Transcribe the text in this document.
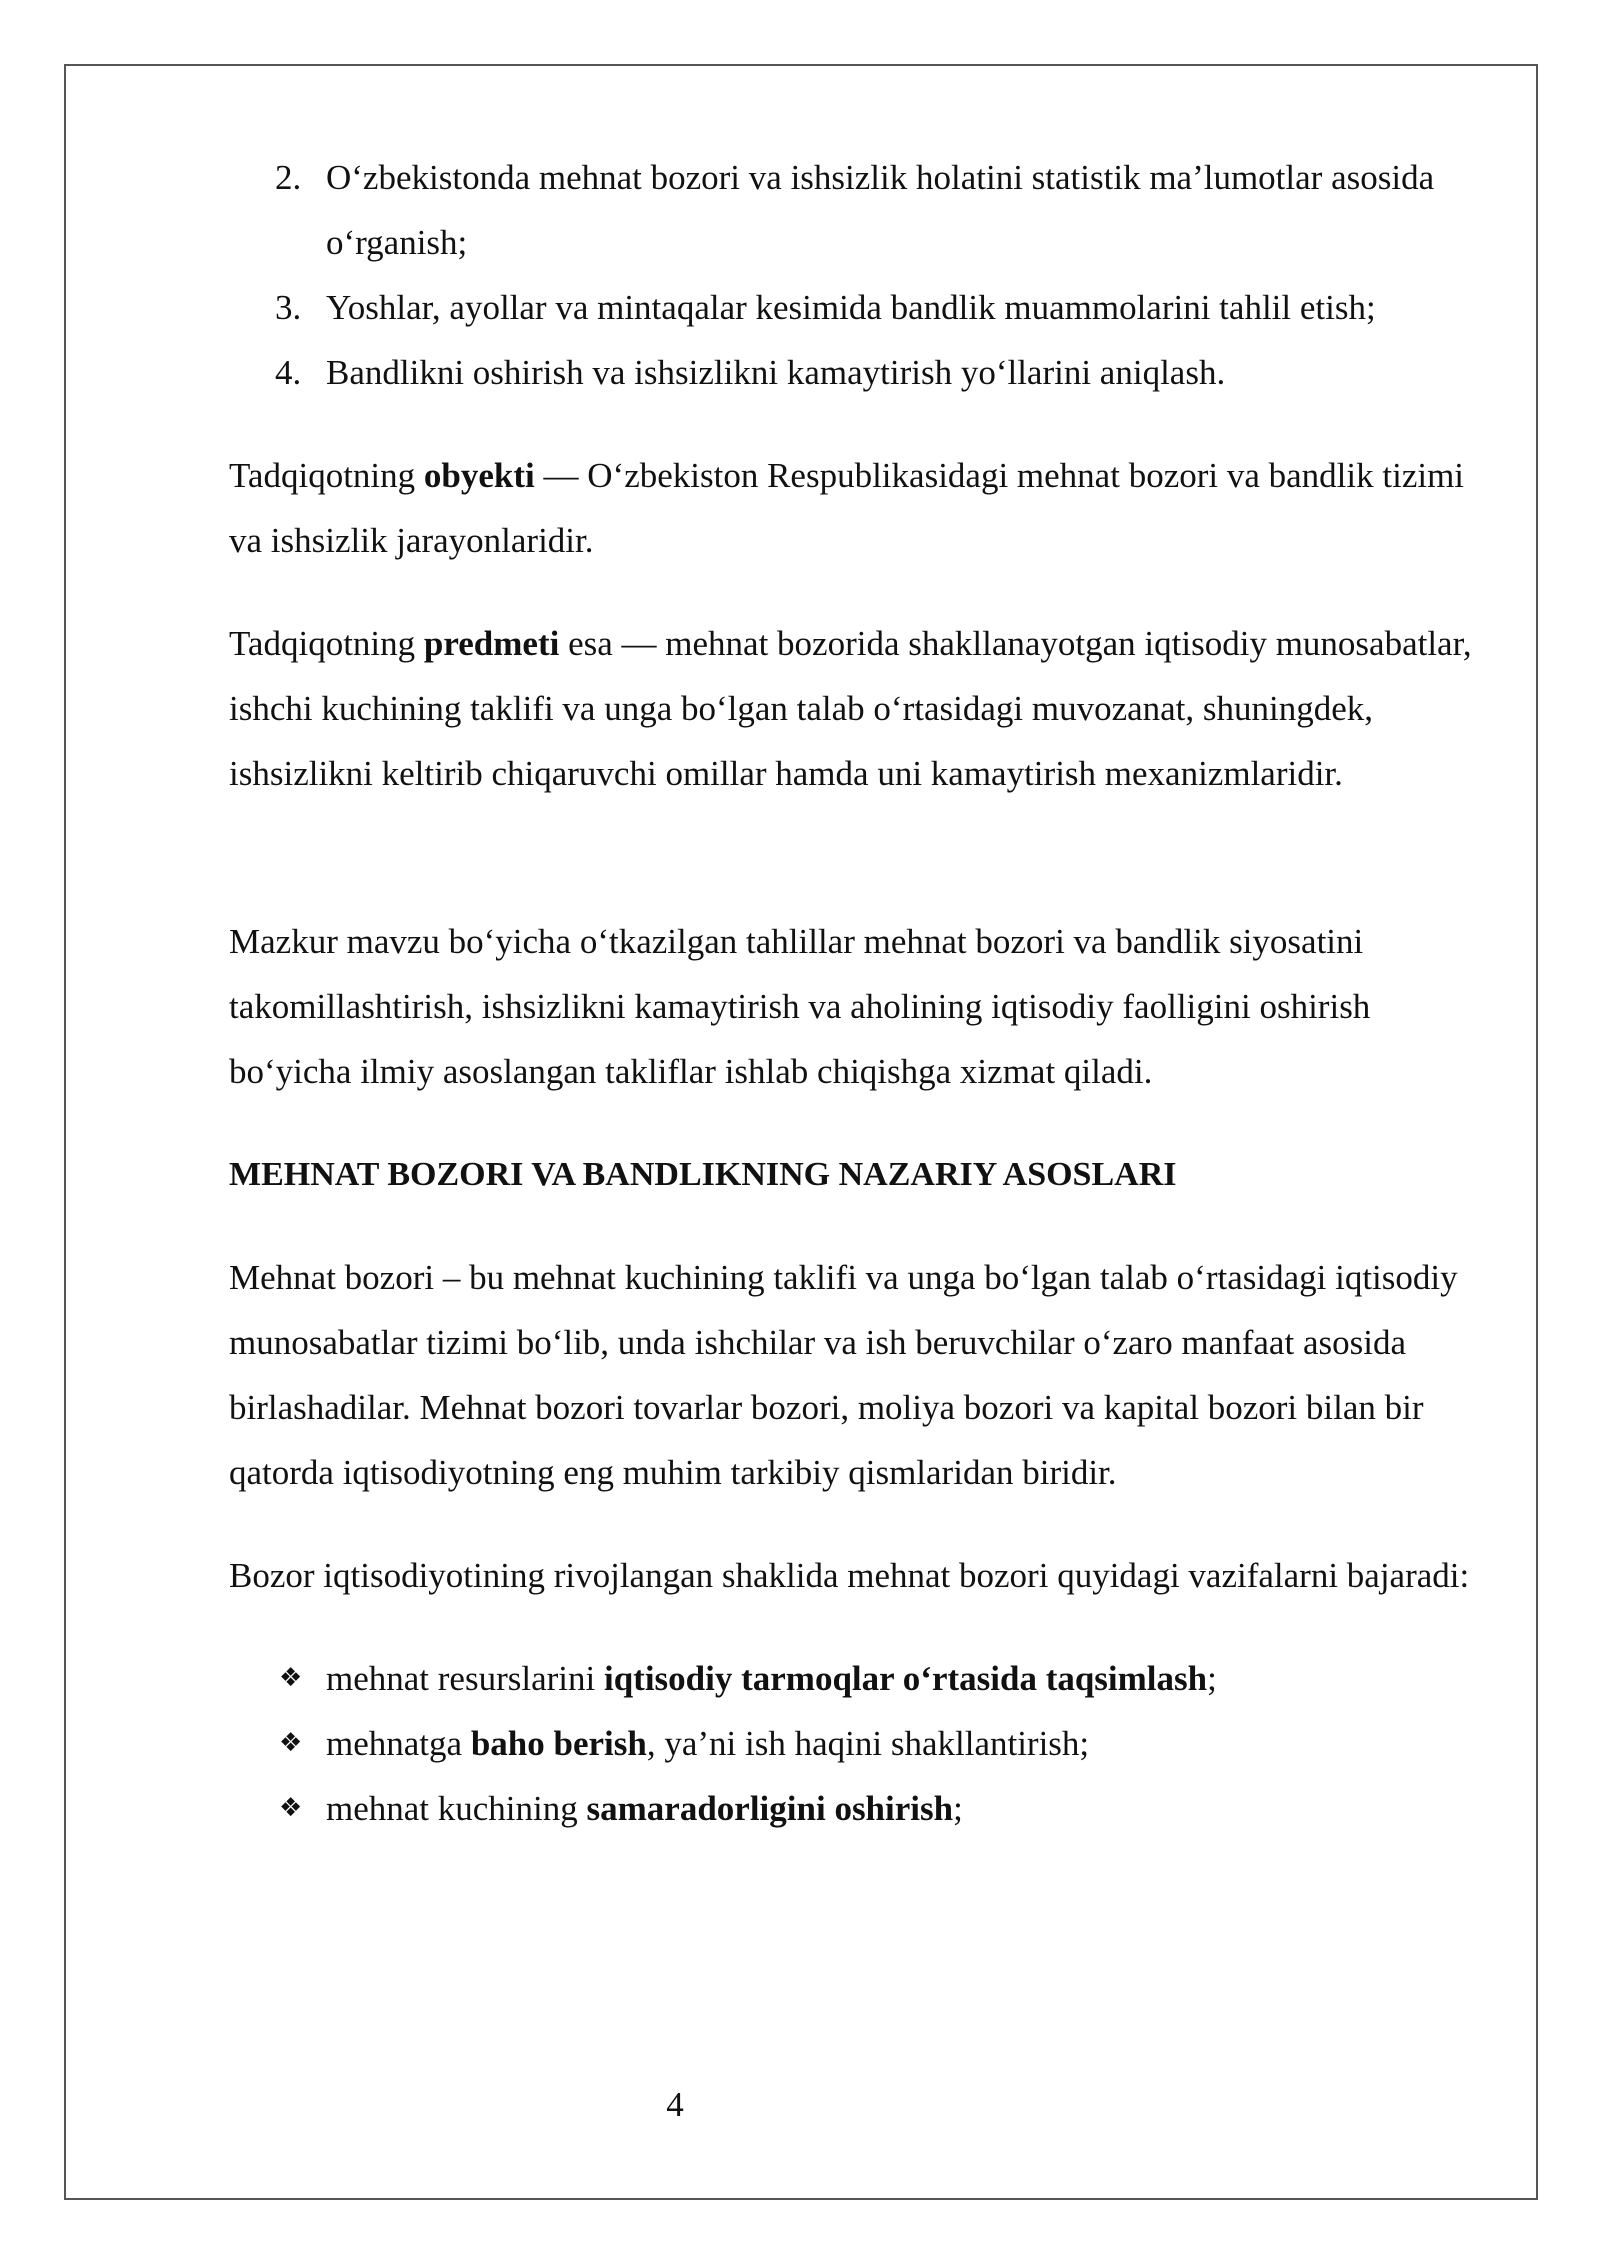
2. O‘zbekistonda mehnat bozori va ishsizlik holatini statistik ma’lumotlar asosida o‘rganish;
3. Yoshlar, ayollar va mintaqalar kesimida bandlik muammolarini tahlil etish;
4. Bandlikni oshirish va ishsizlikni kamaytirish yo‘llarini aniqlash.

Tadqiqotning obyekti — O‘zbekiston Respublikasidagi mehnat bozori va bandlik tizimi va ishsizlik jarayonlaridir.

Tadqiqotning predmeti esa — mehnat bozorida shakllanayotgan iqtisodiy munosabatlar, ishchi kuchining taklifi va unga bo‘lgan talab o‘rtasidagi muvozanat, shuningdek, ishsizlikni keltirib chiqaruvchi omillar hamda uni kamaytirish mexanizmlaridir.

Mazkur mavzu bo‘yicha o‘tkazilgan tahlillar mehnat bozori va bandlik siyosatini takomillashtirish, ishsizlikni kamaytirish va aholining iqtisodiy faolligini oshirish bo‘yicha ilmiy asoslangan takliflar ishlab chiqishga xizmat qiladi.

MEHNAT BOZORI VA BANDLIKNING NAZARIY ASOSLARI

Mehnat bozori – bu mehnat kuchining taklifi va unga bo‘lgan talab o‘rtasidagi iqtisodiy munosabatlar tizimi bo‘lib, unda ishchilar va ish beruvchilar o‘zaro manfaat asosida birlashadilar. Mehnat bozori tovarlar bozori, moliya bozori va kapital bozori bilan bir qatorda iqtisodiyotning eng muhim tarkibiy qismlaridan biridir.

Bozor iqtisodiyotining rivojlangan shaklida mehnat bozori quyidagi vazifalarni bajaradi:

❖ mehnat resurslarini iqtisodiy tarmoqlar o‘rtasida taqsimlash;
❖ mehnatga baho berish, ya’ni ish haqini shakllantirish;
❖ mehnat kuchining samaradorligini oshirish;
4
